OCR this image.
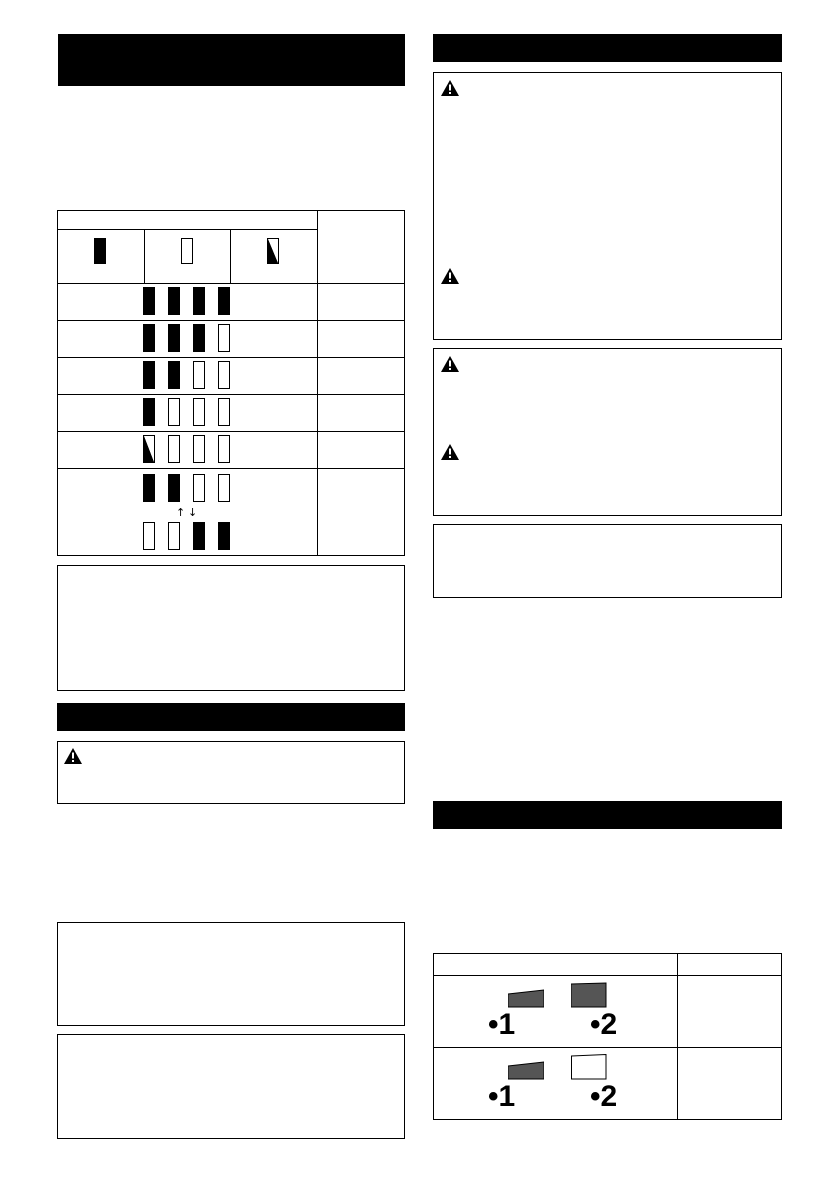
↑ ↓
•1 •2
•1 •2
